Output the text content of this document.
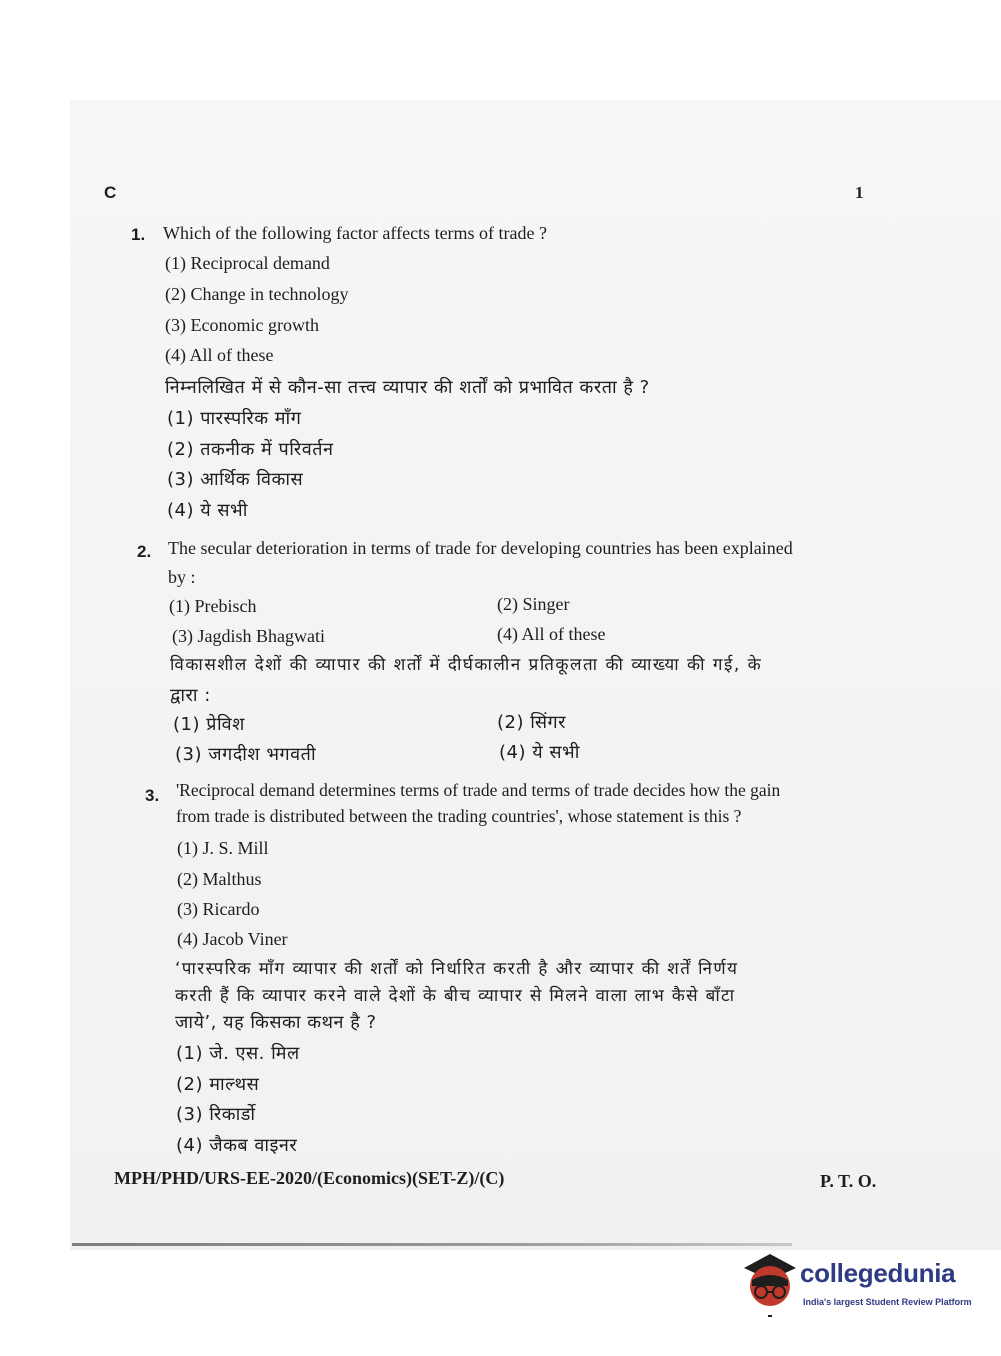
C	1
1. Which of the following factor affects terms of trade ?
(1) Reciprocal demand
(2) Change in technology
(3) Economic growth
(4) All of these
निम्नलिखित में से कौन-सा तत्त्व व्यापार की शर्तों को प्रभावित करता है ?
(1) पारस्परिक माँग
(2) तकनीक में परिवर्तन
(3) आर्थिक विकास
(4) ये सभी
2. The secular deterioration in terms of trade for developing countries has been explained
by :
(1) Prebisch	(2) Singer
(3) Jagdish Bhagwati	(4) All of these
विकासशील देशों की व्यापार की शर्तों में दीर्घकालीन प्रतिकूलता की व्याख्या की गई, के
द्वारा :
(1) प्रेविश	(2) सिंगर
(3) जगदीश भगवती	(4) ये सभी
3. 'Reciprocal demand determines terms of trade and terms of trade decides how the gain
from trade is distributed between the trading countries', whose statement is this ?
(1) J. S. Mill
(2) Malthus
(3) Ricardo
(4) Jacob Viner
‘पारस्परिक माँग व्यापार की शर्तों को निर्धारित करती है और व्यापार की शर्तें निर्णय
करती हैं कि व्यापार करने वाले देशों के बीच व्यापार से मिलने वाला लाभ कैसे बाँटा
जाये’, यह किसका कथन है ?
(1) जे. एस. मिल
(2) माल्थस
(3) रिकार्डो
(4) जैकब वाइनर
MPH/PHD/URS-EE-2020/(Economics)(SET-Z)/(C)	P. T. O.
collegedunia
India's largest Student Review Platform
